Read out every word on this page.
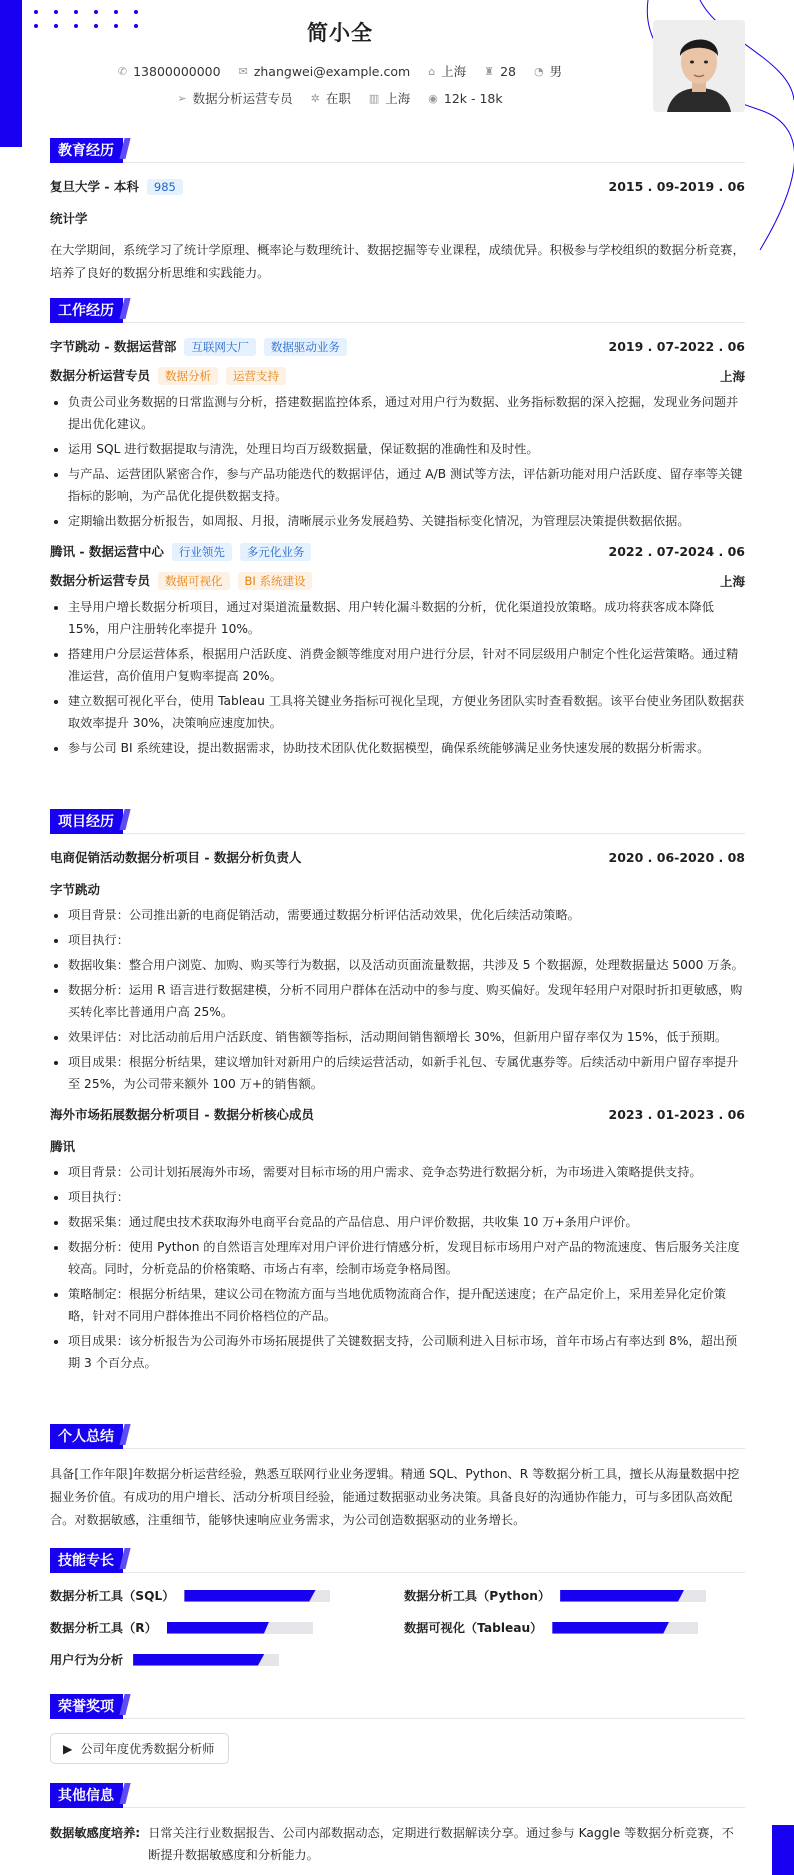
简小全
✆ 13800000000 ✉ zhangwei@example.com ⌂ 上海 ♜ 28 ◔ 男
➢ 数据分析运营专员 ✲ 在职 ▥ 上海 ◉ 12k - 18k
教育经历
复旦大学 - 本科 985	2015 . 09-2019 . 06
统计学
在大学期间，系统学习了统计学原理、概率论与数理统计、数据挖掘等专业课程，成绩优异。积极参与学校组织的数据分析竞赛，培养了良好的数据分析思维和实践能力。
工作经历
字节跳动 - 数据运营部 互联网大厂 数据驱动业务	2019 . 07-2022 . 06
数据分析运营专员 数据分析 运营支持	上海
• 负责公司业务数据的日常监测与分析，搭建数据监控体系，通过对用户行为数据、业务指标数据的深入挖掘，发现业务问题并提出优化建议。
• 运用 SQL 进行数据提取与清洗，处理日均百万级数据量，保证数据的准确性和及时性。
• 与产品、运营团队紧密合作，参与产品功能迭代的数据评估，通过 A/B 测试等方法，评估新功能对用户活跃度、留存率等关键指标的影响，为产品优化提供数据支持。
• 定期输出数据分析报告，如周报、月报，清晰展示业务发展趋势、关键指标变化情况，为管理层决策提供数据依据。
腾讯 - 数据运营中心 行业领先 多元化业务	2022 . 07-2024 . 06
数据分析运营专员 数据可视化 BI 系统建设	上海
• 主导用户增长数据分析项目，通过对渠道流量数据、用户转化漏斗数据的分析，优化渠道投放策略。成功将获客成本降低 15%，用户注册转化率提升 10%。
• 搭建用户分层运营体系，根据用户活跃度、消费金额等维度对用户进行分层，针对不同层级用户制定个性化运营策略。通过精准运营，高价值用户复购率提高 20%。
• 建立数据可视化平台，使用 Tableau 工具将关键业务指标可视化呈现，方便业务团队实时查看数据。该平台使业务团队数据获取效率提升 30%，决策响应速度加快。
• 参与公司 BI 系统建设，提出数据需求，协助技术团队优化数据模型，确保系统能够满足业务快速发展的数据分析需求。
项目经历
电商促销活动数据分析项目 - 数据分析负责人	2020 . 06-2020 . 08
字节跳动
• 项目背景：公司推出新的电商促销活动，需要通过数据分析评估活动效果，优化后续活动策略。
• 项目执行：
• 数据收集：整合用户浏览、加购、购买等行为数据，以及活动页面流量数据，共涉及 5 个数据源，处理数据量达 5000 万条。
• 数据分析：运用 R 语言进行数据建模，分析不同用户群体在活动中的参与度、购买偏好。发现年轻用户对限时折扣更敏感，购买转化率比普通用户高 25%。
• 效果评估：对比活动前后用户活跃度、销售额等指标，活动期间销售额增长 30%，但新用户留存率仅为 15%，低于预期。
• 项目成果：根据分析结果，建议增加针对新用户的后续运营活动，如新手礼包、专属优惠券等。后续活动中新用户留存率提升至 25%，为公司带来额外 100 万+的销售额。
海外市场拓展数据分析项目 - 数据分析核心成员	2023 . 01-2023 . 06
腾讯
• 项目背景：公司计划拓展海外市场，需要对目标市场的用户需求、竞争态势进行数据分析，为市场进入策略提供支持。
• 项目执行：
• 数据采集：通过爬虫技术获取海外电商平台竞品的产品信息、用户评价数据，共收集 10 万+条用户评价。
• 数据分析：使用 Python 的自然语言处理库对用户评价进行情感分析，发现目标市场用户对产品的物流速度、售后服务关注度较高。同时，分析竞品的价格策略、市场占有率，绘制市场竞争格局图。
• 策略制定：根据分析结果，建议公司在物流方面与当地优质物流商合作，提升配送速度；在产品定价上，采用差异化定价策略，针对不同用户群体推出不同价格档位的产品。
• 项目成果：该分析报告为公司海外市场拓展提供了关键数据支持，公司顺利进入目标市场，首年市场占有率达到 8%，超出预期 3 个百分点。
个人总结
具备[工作年限]年数据分析运营经验，熟悉互联网行业业务逻辑。精通 SQL、Python、R 等数据分析工具，擅长从海量数据中挖掘业务价值。有成功的用户增长、活动分析项目经验，能通过数据驱动业务决策。具备良好的沟通协作能力，可与多团队高效配合。对数据敏感，注重细节，能够快速响应业务需求，为公司创造数据驱动的业务增长。
技能专长
数据分析工具（SQL）	数据分析工具（Python）
数据分析工具（R）	数据可视化（Tableau）
用户行为分析
荣誉奖项
▶ 公司年度优秀数据分析师
其他信息
数据敏感度培养: 日常关注行业数据报告、公司内部数据动态，定期进行数据解读分享。通过参与 Kaggle 等数据分析竞赛，不断提升数据敏感度和分析能力。
